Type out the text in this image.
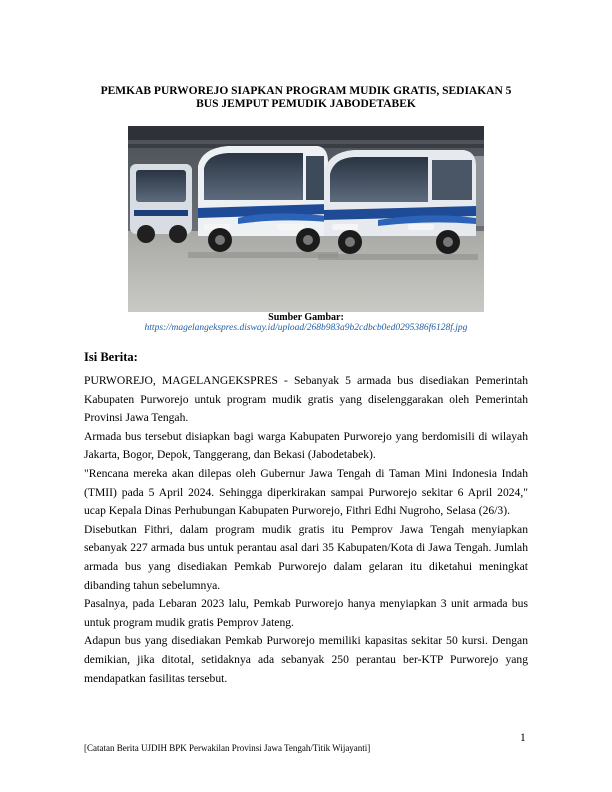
PEMKAB PURWOREJO SIAPKAN PROGRAM MUDIK GRATIS, SEDIAKAN 5
BUS JEMPUT PEMUDIK JABODETABEK
Sumber Gambar:
https://magelangekspres.disway.id/upload/268b983a9b2cdbcb0ed0295386f6128f.jpg
Isi Berita:

PURWOREJO, MAGELANGEKSPRES - Sebanyak 5 armada bus disediakan Pemerintah Kabupaten Purworejo untuk program mudik gratis yang diselenggarakan oleh Pemerintah Provinsi Jawa Tengah.

Armada bus tersebut disiapkan bagi warga Kabupaten Purworejo yang berdomisili di wilayah Jakarta, Bogor, Depok, Tanggerang, dan Bekasi (Jabodetabek).

"Rencana mereka akan dilepas oleh Gubernur Jawa Tengah di Taman Mini Indonesia Indah (TMII) pada 5 April 2024. Sehingga diperkirakan sampai Purworejo sekitar 6 April 2024," ucap Kepala Dinas Perhubungan Kabupaten Purworejo, Fithri Edhi Nugroho, Selasa (26/3).

Disebutkan Fithri, dalam program mudik gratis itu Pemprov Jawa Tengah menyiapkan sebanyak 227 armada bus untuk perantau asal dari 35 Kabupaten/Kota di Jawa Tengah. Jumlah armada bus yang disediakan Pemkab Purworejo dalam gelaran itu diketahui meningkat dibanding tahun sebelumnya.

Pasalnya, pada Lebaran 2023 lalu, Pemkab Purworejo hanya menyiapkan 3 unit armada bus untuk program mudik gratis Pemprov Jateng.

Adapun bus yang disediakan Pemkab Purworejo memiliki kapasitas sekitar 50 kursi. Dengan demikian, jika ditotal, setidaknya ada sebanyak 250 perantau ber-KTP Purworejo yang mendapatkan fasilitas tersebut.

1
[Catatan Berita UJDIH BPK Perwakilan Provinsi Jawa Tengah/Titik Wijayanti]
